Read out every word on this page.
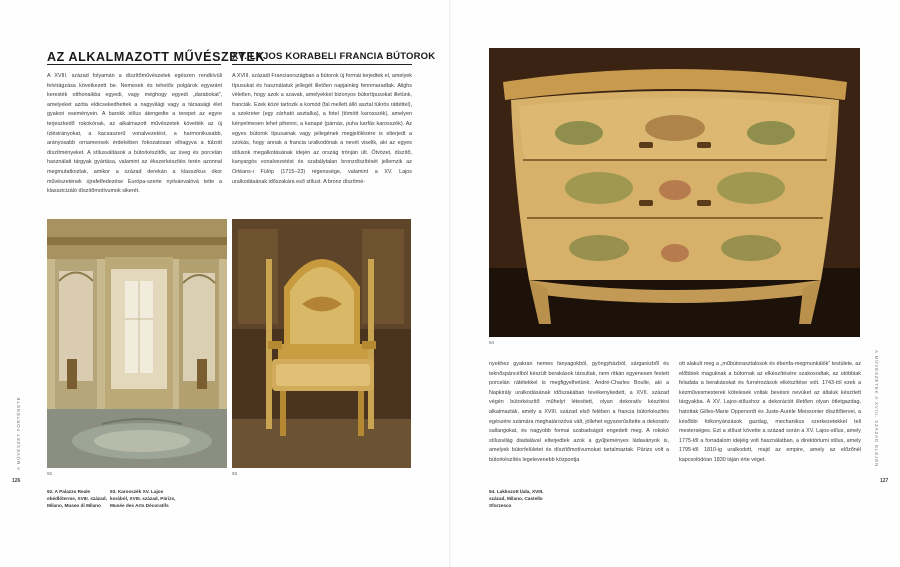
AZ ALKALMAZOTT MŰVÉSZETEK
XV. LAJOS KORABELI FRANCIA BÚTOROK

A XVIII. század folyamán a díszítőművészetek egészen rendkívüli felvirágzása következett be. Nemesek és tehetős polgárok egyaránt keresték otthonaikba egyedi, vagy méghogy egyedi „darabokat”, amelyeket azóta eldicsekedhettek a nagyvilági vagy a társasági élet gyakori eseményein. A barokk stílus átengedte a terepet az egyre terjeszkedő rokokónak, az alkalmazott művészetek követték az új ízlésirányokat, a kacsaszerű vonalvezetést, a harmonikusabb, arányosabb ornamensek érdekében fokozatosan elhagyva a túlzott díszítményeket. A stílusváltások a bútorkészítők, az üveg és porcelán használati tárgyak gyártása, valamint az ékszerkészítés terén azonnal megmutatkoztak, amikor a század derekán a klasszikus ókor művészetének újrafelfedezése Európa-szerte nyilvánvalóvá tette a klasszicizáló díszítőmotívumok sikerét.

A XVIII. századi Franciaországban a bútorok új formái terjedtek el, amelyek típusukat és használatuk jellegét illetően napjainkig fennmaradtak. Alighs véletlen, hogy azok a szavak, amelyekkel bizonyos bútortípusokat illetünk, franciák. Ezek közé tartozik a komód (fal mellett álló asztal tükrös ráttéttel), a szekreter (egy zárható asztalka), a fotel (tömött karosszék), amelyen kényelmesen lehet pihenni, a kanapé (párnás, puha karfás karosszék). Az egyes bútorok típusainak vagy jellegének megjelölésére is elterjedt a szokás, hogy annak a francia uralkodónak a nevét viselik, aki az egyes stílusok megalkotásának idején az ország trónján ült. Ötvözet, díszítő, kanyargós vonalvezetést és szabálytalan bronzdíszítését jellemzik az Orléans-i Fülöp (1715–23) régenssége, valamint a XV. Lajos uralkodásának időszakára eső stílust. A bronz díszítmé-

92	93

92. A Palazzo Reale ebédlőterme, XVIII. század, Milano, Museo di Milano

93. Karosszék XV. Lajos korából, XVIII. század, Párizs, Musée des Arts Décoratifs

126
A MŰVÉSZET FORTÉNETE
94

nyekhez gyakran nemes fanyagokból, gyöngyházból, sárgarézből és teknőspáncélból készült berakások társultak, nem ritkán egyenesen festett porcelán rátétekkel is megfigyelhetünk. André-Charles Boulle, aki a Napkirály uralkodásának időszakában tevékenykedett, a XVII. század végén bútorkészítő műhelyt létesített, olyan dekoratív készítési alkalmazták, amely a XVIII. század első felében a francia bútorkészítés egészére számára meghatározóvá vált, jóllehet egyszerűsítette a dekoratív sallangokat, és nagyobb formai szabadságot engedett meg. A rokokó stílusvilág diadalával elterjedtek azok a gyűjteményes ládaványok is, amelyek bútorfelületet és díszítőmotívumokat tartalmaztak. Párizs volt a bútorkészítés legelevenebb központja

ott alakult meg a „műbútorasztalosok és ébenfa-megmunkálók” testülete, az előbbiek maguknak a bútornak az elkészítésére szakosodtak, az utóbbiak feladata a berakásokat és furnérozások elkészítése volt. 1743-tól ezek a kézművesmesterek kötelesek voltak bevésni nevüket az általuk készített tárgyakba. A XV. Lajos-stílushoz a dekorációt illetően olyan ötletgazdag, hatottak Gilles-Marie Oppenordt és Juste-Aurèle Meissonier díszítőtervei, a későbbi folkonyánzások gazdag, mechanikus szerkezetekkel teli mesterséges. Ezt a stílust követte a század során a XV. Lajos-stílus, amely 1775-től a forradalom idejéig volt használatban, a direktóriumi stílus, amely 1795-től 1810-ig uralkodott, majd az empire, amely az előzőnél kapcsolódóan 1830 táján érte véget.

94. Lakkozott láda, XVIII. század, Milano, Castello Sforzesco

127
A MŰVÉSZETEK A XVIII. SZÁZAD ELEJÉN
